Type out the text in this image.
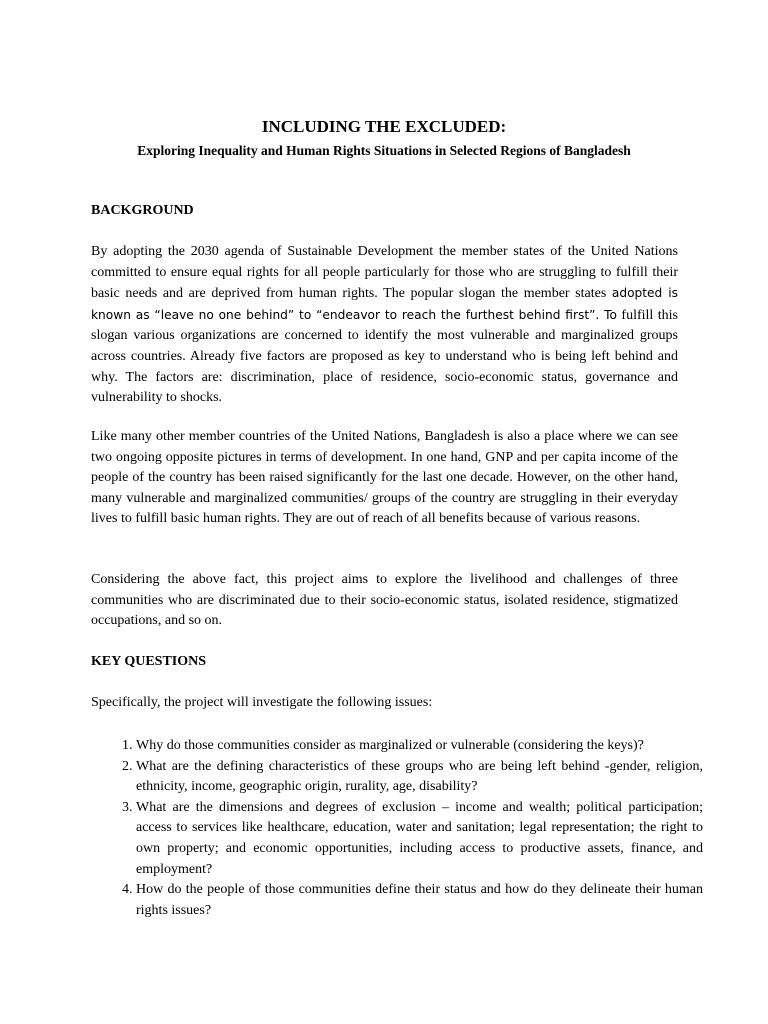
INCLUDING THE EXCLUDED:
Exploring Inequality and Human Rights Situations in Selected Regions of Bangladesh
BACKGROUND

By adopting the 2030 agenda of Sustainable Development the member states of the United Nations committed to ensure equal rights for all people particularly for those who are struggling to fulfill their basic needs and are deprived from human rights. The popular slogan the member states adopted is known as “leave no one behind” to “endeavor to reach the furthest behind first”. To fulfill this slogan various organizations are concerned to identify the most vulnerable and marginalized groups across countries. Already five factors are proposed as key to understand who is being left behind and why. The factors are: discrimination, place of residence, socio-economic status, governance and vulnerability to shocks.

Like many other member countries of the United Nations, Bangladesh is also a place where we can see two ongoing opposite pictures in terms of development. In one hand, GNP and per capita income of the people of the country has been raised significantly for the last one decade. However, on the other hand, many vulnerable and marginalized communities/ groups of the country are struggling in their everyday lives to fulfill basic human rights. They are out of reach of all benefits because of various reasons.

Considering the above fact, this project aims to explore the livelihood and challenges of three communities who are discriminated due to their socio-economic status, isolated residence, stigmatized occupations, and so on.

KEY QUESTIONS

Specifically, the project will investigate the following issues:

1. Why do those communities consider as marginalized or vulnerable (considering the keys)?
2. What are the defining characteristics of these groups who are being left behind -gender, religion, ethnicity, income, geographic origin, rurality, age, disability?
3. What are the dimensions and degrees of exclusion – income and wealth; political participation; access to services like healthcare, education, water and sanitation; legal representation; the right to own property; and economic opportunities, including access to productive assets, finance, and employment?
4. How do the people of those communities define their status and how do they delineate their human rights issues?
